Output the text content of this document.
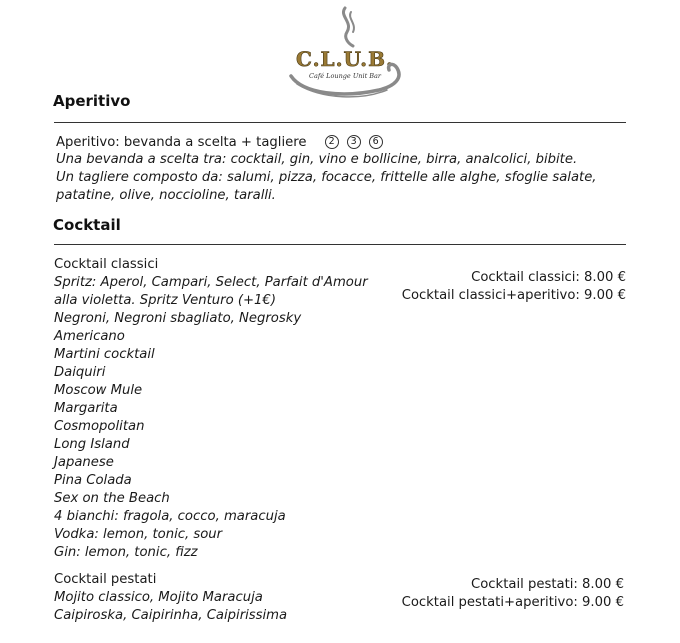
C.L.U.B.
Café Lounge Unit Bar
Aperitivo
Aperitivo: bevanda a scelta + tagliere	2	3	6
Una bevanda a scelta tra: cocktail, gin, vino e bollicine, birra, analcolici, bibite.
Un tagliere composto da: salumi, pizza, focacce, frittelle alle alghe, sfoglie salate,
patatine, olive, noccioline, taralli.
Cocktail
Cocktail classici
Spritz: Aperol, Campari, Select, Parfait d'Amour
alla violetta. Spritz Venturo (+1€)
Negroni, Negroni sbagliato, Negrosky
Americano
Martini cocktail
Daiquiri
Moscow Mule
Margarita
Cosmopolitan
Long Island
Japanese
Pina Colada
Sex on the Beach
4 bianchi: fragola, cocco, maracuja
Vodka: lemon, tonic, sour
Gin: lemon, tonic, fizz
Cocktail classici: 8.00 €
Cocktail classici+aperitivo: 9.00 €
Cocktail pestati
Mojito classico, Mojito Maracuja
Caipiroska, Caipirinha, Caipirissima
Cocktail pestati: 8.00 €
Cocktail pestati+aperitivo: 9.00 €
